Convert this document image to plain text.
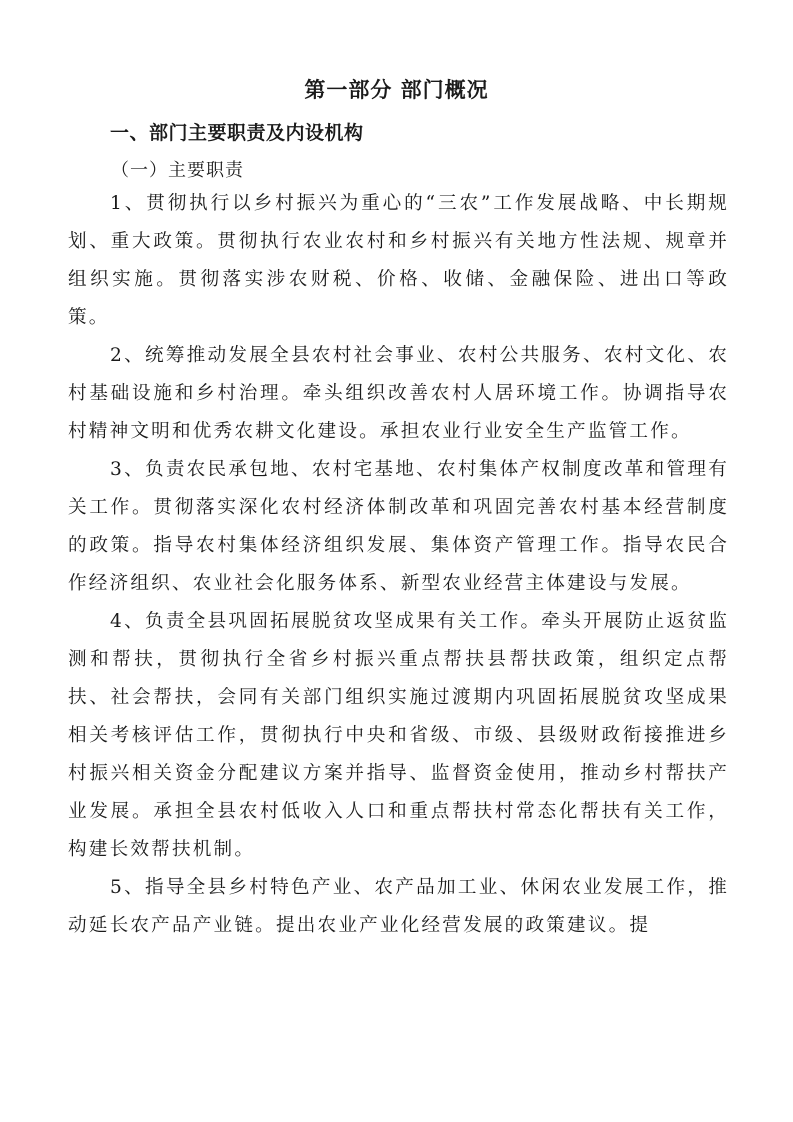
第一部分 部门概况
一、部门主要职责及内设机构
（一）主要职责

1、贯彻执行以乡村振兴为重心的“三农”工作发展战略、中长期规划、重大政策。贯彻执行农业农村和乡村振兴有关地方性法规、规章并组织实施。贯彻落实涉农财税、价格、收储、金融保险、进出口等政策。

2、统筹推动发展全县农村社会事业、农村公共服务、农村文化、农村基础设施和乡村治理。牵头组织改善农村人居环境工作。协调指导农村精神文明和优秀农耕文化建设。承担农业行业安全生产监管工作。

3、负责农民承包地、农村宅基地、农村集体产权制度改革和管理有关工作。贯彻落实深化农村经济体制改革和巩固完善农村基本经营制度的政策。指导农村集体经济组织发展、集体资产管理工作。指导农民合作经济组织、农业社会化服务体系、新型农业经营主体建设与发展。

4、负责全县巩固拓展脱贫攻坚成果有关工作。牵头开展防止返贫监测和帮扶，贯彻执行全省乡村振兴重点帮扶县帮扶政策，组织定点帮扶、社会帮扶，会同有关部门组织实施过渡期内巩固拓展脱贫攻坚成果相关考核评估工作，贯彻执行中央和省级、市级、县级财政衔接推进乡村振兴相关资金分配建议方案并指导、监督资金使用，推动乡村帮扶产业发展。承担全县农村低收入人口和重点帮扶村常态化帮扶有关工作，构建长效帮扶机制。

5、指导全县乡村特色产业、农产品加工业、休闲农业发展工作，推动延长农产品产业链。提出农业产业化经营发展的政策建议。提
